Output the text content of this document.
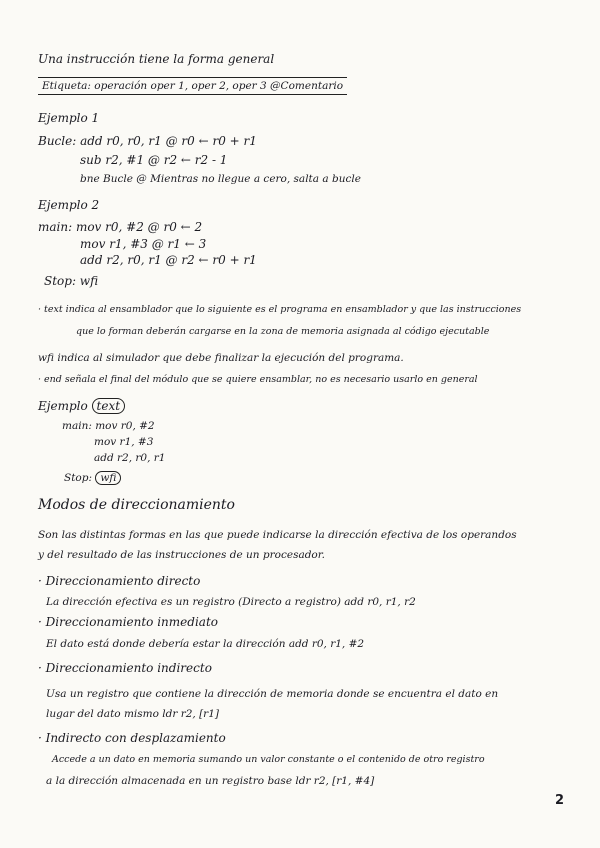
Una instrucción tiene la forma general
Etiqueta: operación oper 1, oper 2, oper 3 @Comentario
Ejemplo 1
Bucle: add r0, r0, r1 @ r0 ← r0 + r1
sub r2, #1 @ r2 ← r2 - 1
bne Bucle @ Mientras no llegue a cero, salta a bucle
Ejemplo 2
main: mov r0, #2 @ r0 ← 2
mov r1, #3 @ r1 ← 3
add r2, r0, r1 @ r2 ← r0 + r1
Stop: wfi
· text indica al ensamblador que lo siguiente es el programa en ensamblador y que las instrucciones
que lo forman deberán cargarse en la zona de memoria asignada al código ejecutable
wfi indica al simulador que debe finalizar la ejecución del programa.
· end señala el final del módulo que se quiere ensamblar, no es necesario usarlo en general
Ejemplo text
main: mov r0, #2
mov r1, #3
add r2, r0, r1
Stop: wfi
Modos de direccionamiento
Son las distintas formas en las que puede indicarse la dirección efectiva de los operandos
y del resultado de las instrucciones de un procesador.
· Direccionamiento directo
La dirección efectiva es un registro (Directo a registro) add r0, r1, r2
· Direccionamiento inmediato
El dato está donde debería estar la dirección add r0, r1, #2
· Direccionamiento indirecto
Usa un registro que contiene la dirección de memoria donde se encuentra el dato en
lugar del dato mismo ldr r2, [r1]
· Indirecto con desplazamiento
Accede a un dato en memoria sumando un valor constante o el contenido de otro registro
a la dirección almacenada en un registro base ldr r2, [r1, #4]
2
